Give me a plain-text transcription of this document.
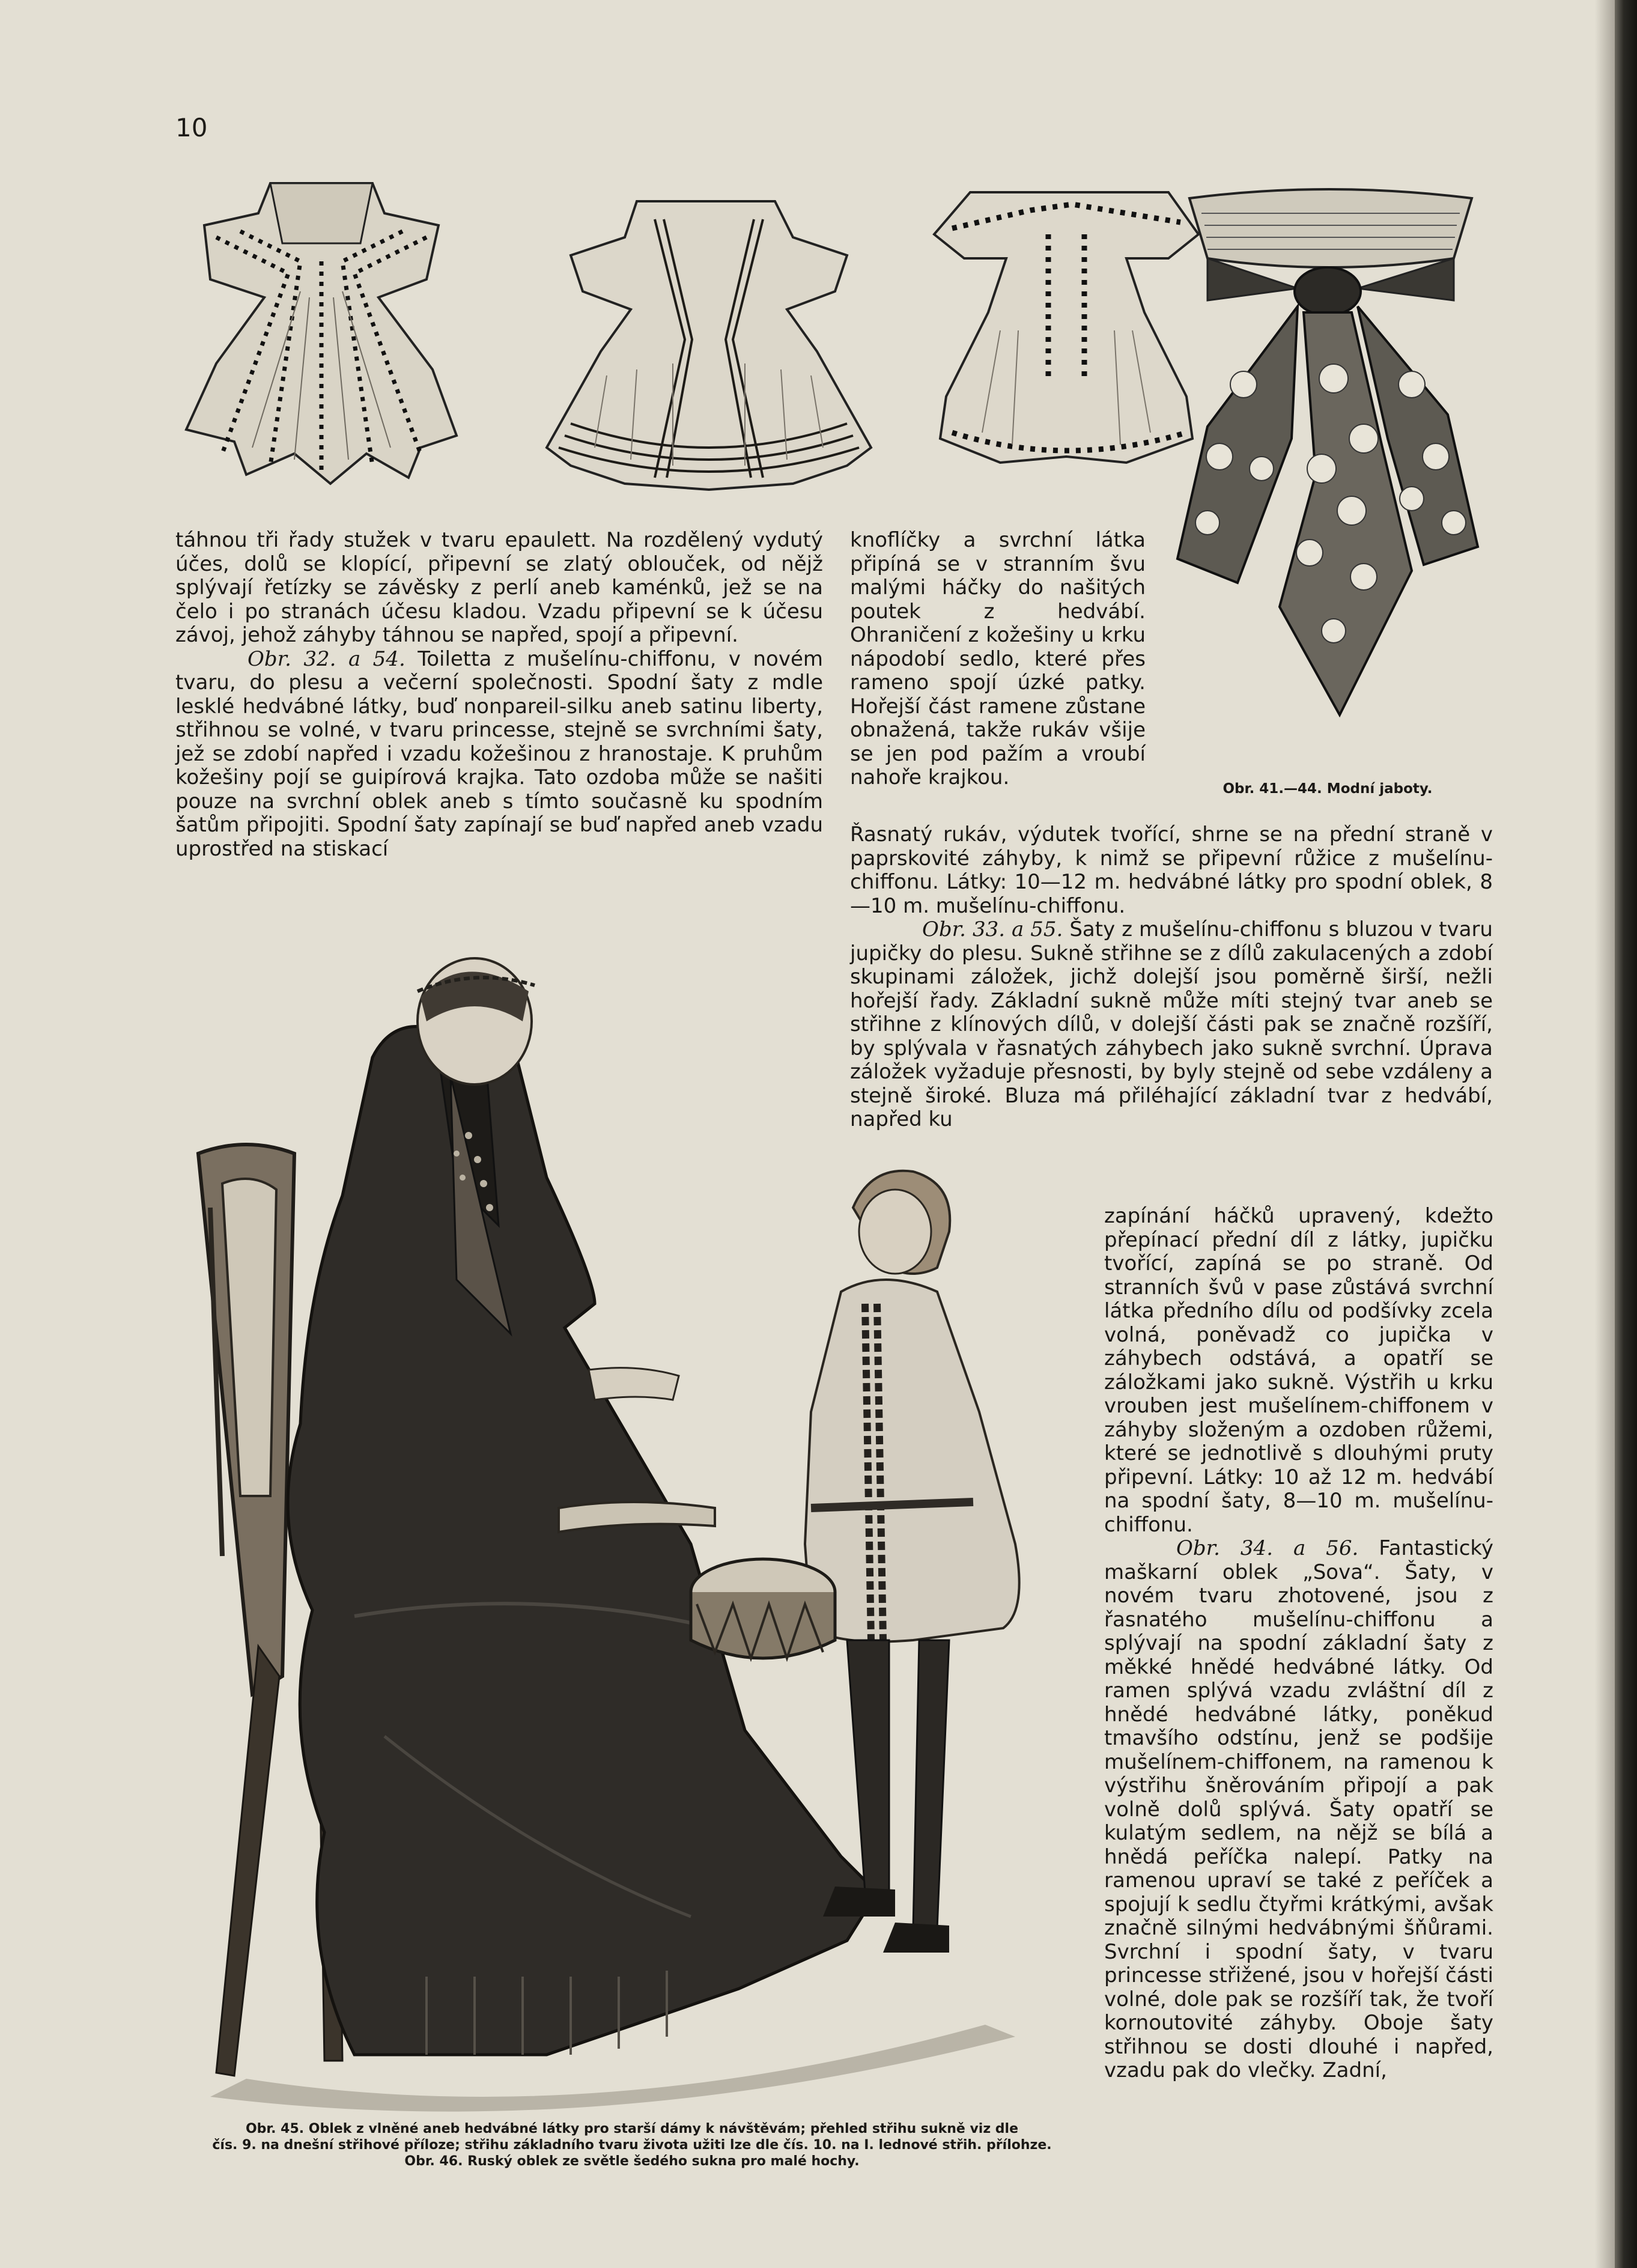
10
Obr. 41.—44. Modní jaboty.

táhnou tři řady stužek v tvaru epaulett. Na rozdělený vydutý účes, dolů se klopící, připevní se zlatý oblouček, od nějž splývají řetízky se závěsky z perlí aneb kaménků, jež se na čelo i po stranách účesu kladou. Vzadu připevní se k účesu závoj, jehož záhyby táhnou se napřed, spojí a připevní.

Obr. 32. a 54. Toiletta z mušelínu-chiffonu, v novém tvaru, do plesu a večerní společnosti. Spodní šaty z mdle lesklé hedvábné látky, buď nonpareil-silku aneb satinu liberty, střihnou se volné, v tvaru princesse, stejně se svrchními šaty, jež se zdobí napřed i vzadu kožešinou z hranostaje. K pruhům kožešiny pojí se guipírová krajka. Tato ozdoba může se našiti pouze na svrchní oblek aneb s tímto současně ku spodním šatům připojiti. Spodní šaty zapínají se buď napřed aneb vzadu uprostřed na stiskací

knoflíčky a svrchní látka připíná se v stranním švu malými háčky do našitých poutek z hedvábí. Ohraničení z kožešiny u krku nápodobí sedlo, které přes rameno spojí úzké patky. Hořejší část ramene zůstane obnažená, takže rukáv všije se jen pod pažím a vroubí nahoře krajkou.

Řasnatý rukáv, výdutek tvořící, shrne se na přední straně v paprskovité záhyby, k nimž se připevní růžice z mušelínu-chiffonu. Látky: 10—12 m. hedvábné látky pro spodní oblek, 8—10 m. mušelínu-chiffonu.

Obr. 33. a 55. Šaty z mušelínu-chiffonu s bluzou v tvaru jupičky do plesu. Sukně střihne se z dílů zakulacených a zdobí skupinami záložek, jichž dolejší jsou poměrně širší, nežli hořejší řady. Základní sukně může míti stejný tvar aneb se střihne z klínových dílů, v dolejší části pak se značně rozšíří, by splývala v řasnatých záhybech jako sukně svrchní. Úprava záložek vyžaduje přesnosti, by byly stejně od sebe vzdáleny a stejně široké. Bluza má přiléhající základní tvar z hedvábí, napřed ku

zapínání háčků upravený, kdežto přepínací přední díl z látky, jupičku tvořící, zapíná se po straně. Od stranních švů v pase zůstává svrchní látka předního dílu od podšívky zcela volná, poněvadž co jupička v záhybech odstává, a opatří se záložkami jako sukně. Výstřih u krku vrouben jest mušelínem-chiffonem v záhyby složeným a ozdoben růžemi, které se jednotlivě s dlouhými pruty připevní. Látky: 10 až 12 m. hedvábí na spodní šaty, 8—10 m. mušelínu-chiffonu.

Obr. 34. a 56. Fantastický maškarní oblek „Sova“. Šaty, v novém tvaru zhotovené, jsou z řasnatého mušelínu-chiffonu a splývají na spodní základní šaty z měkké hnědé hedvábné látky. Od ramen splývá vzadu zvláštní díl z hnědé hedvábné látky, poněkud tmavšího odstínu, jenž se podšije mušelínem-chiffonem, na ramenou k výstřihu šněrováním připojí a pak volně dolů splývá. Šaty opatří se kulatým sedlem, na nějž se bílá a hnědá peříčka nalepí. Patky na ramenou upraví se také z peříček a spojují k sedlu čtyřmi krátkými, avšak značně silnými hedvábnými šňůrami. Svrchní i spodní šaty, v tvaru princesse střižené, jsou v hořejší části volné, dole pak se rozšíří tak, že tvoří kornoutovité záhyby. Oboje šaty střihnou se dosti dlouhé i napřed, vzadu pak do vlečky. Zadní,

Obr. 45. Oblek z vlněné aneb hedvábné látky pro starší dámy k návštěvám; přehled střihu sukně viz dle
čís. 9. na dnešní střihové příloze; střihu základního tvaru života užiti lze dle čís. 10. na I. lednové střih. přílohze.
Obr. 46. Ruský oblek ze světle šedého sukna pro malé hochy.
